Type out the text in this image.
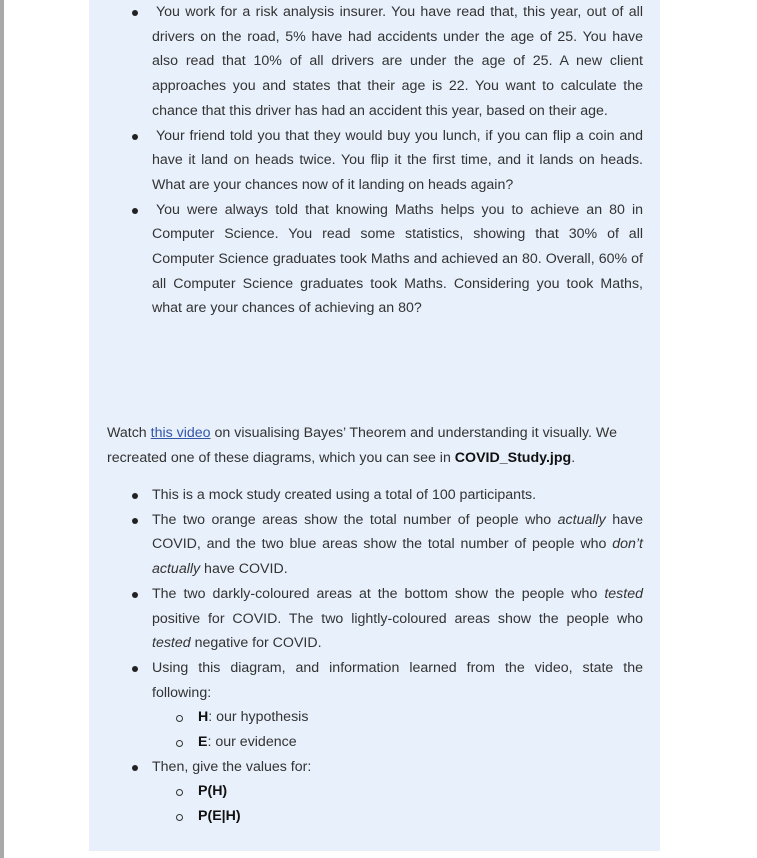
You work for a risk analysis insurer. You have read that, this year, out of all drivers on the road, 5% have had accidents under the age of 25. You have also read that 10% of all drivers are under the age of 25. A new client approaches you and states that their age is 22. You want to calculate the chance that this driver has had an accident this year, based on their age.
Your friend told you that they would buy you lunch, if you can flip a coin and have it land on heads twice. You flip it the first time, and it lands on heads. What are your chances now of it landing on heads again?
You were always told that knowing Maths helps you to achieve an 80 in Computer Science. You read some statistics, showing that 30% of all Computer Science graduates took Maths and achieved an 80. Overall, 60% of all Computer Science graduates took Maths. Considering you took Maths, what are your chances of achieving an 80?

Watch this video on visualising Bayes’ Theorem and understanding it visually. We recreated one of these diagrams, which you can see in COVID_Study.jpg.

This is a mock study created using a total of 100 participants.
The two orange areas show the total number of people who actually have COVID, and the two blue areas show the total number of people who don’t actually have COVID.
The two darkly-coloured areas at the bottom show the people who tested positive for COVID. The two lightly-coloured areas show the people who tested negative for COVID.
Using this diagram, and information learned from the video, state the following:
H: our hypothesis
E: our evidence
Then, give the values for:
P(H)
P(E|H)
